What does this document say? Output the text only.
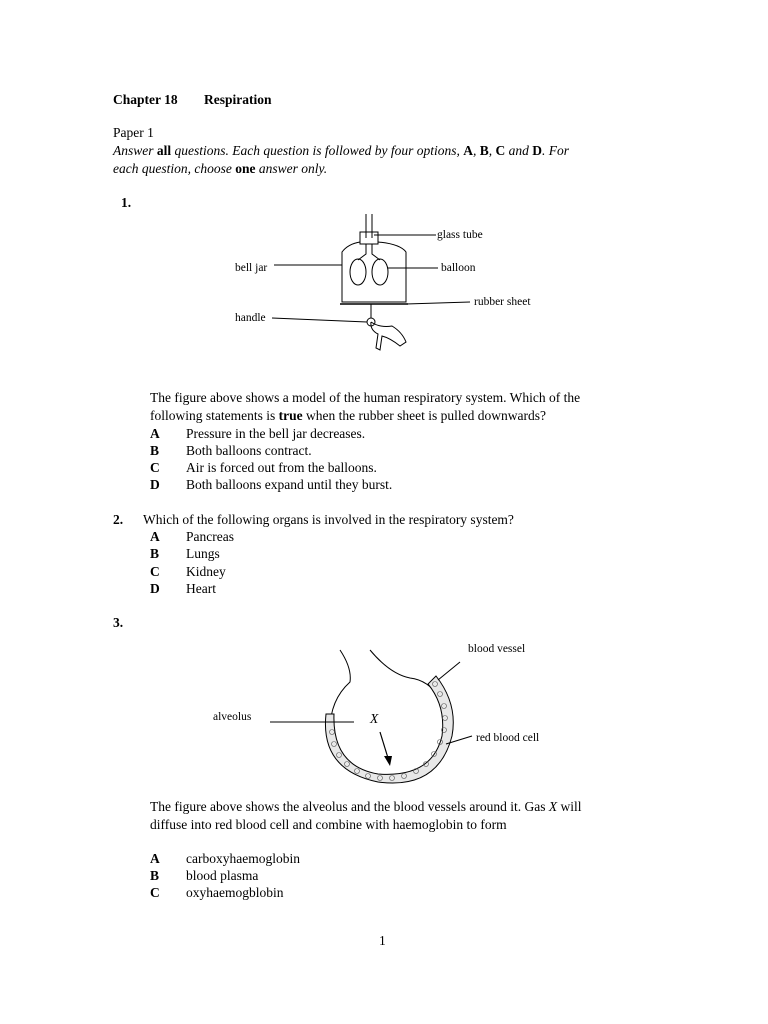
Chapter 18 Respiration
Paper 1
Answer all questions. Each question is followed by four options, A, B, C and D. For
each question, choose one answer only.
1.
glass tube
bell jar	balloon
rubber sheet
handle
The figure above shows a model of the human respiratory system. Which of the
following statements is true when the rubber sheet is pulled downwards?
A Pressure in the bell jar decreases.
B Both balloons contract.
C Air is forced out from the balloons.
D Both balloons expand until they burst.
2. Which of the following organs is involved in the respiratory system?
A Pancreas
B Lungs
C Kidney
D Heart
3.
blood vessel
alveolus	X
red blood cell
The figure above shows the alveolus and the blood vessels around it. Gas X will
diffuse into red blood cell and combine with haemoglobin to form
A carboxyhaemoglobin
B blood plasma
C oxyhaemogblobin
1
